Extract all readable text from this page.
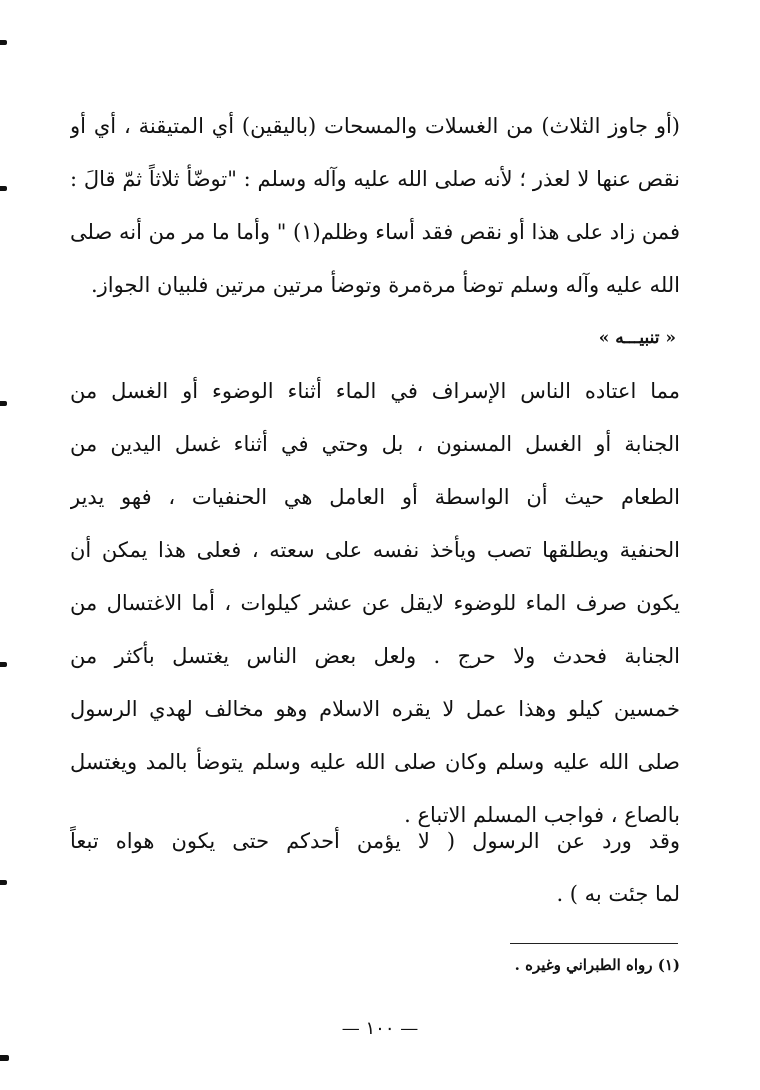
(أو جاوز الثلاث) من الغسلات والمسحات (باليقين) أي المتيقنة ، أي أو
نقص عنها لا لعذر ؛ لأنه صلى الله عليه وآله وسلم : "توضّأ ثلاثاً ثمّ قالَ :
فمن زاد على هذا أو نقص فقد أساء وظلم(١) " وأما ما مر من أنه صلى
الله عليه وآله وسلم توضأ مرةمرة وتوضأ مرتين مرتين فلبيان الجواز.
« تنبيـــه »
مما اعتاده الناس الإسراف في الماء أثناء الوضوء أو الغسل من
الجنابة أو الغسل المسنون ، بل وحتي في أثناء غسل اليدين من
الطعام حيث أن الواسطة أو العامل هي الحنفيات ، فهو يدير
الحنفية ويطلقها تصب ويأخذ نفسه على سعته ، فعلى هذا يمكن أن
يكون صرف الماء للوضوء لايقل عن عشر كيلوات ، أما الاغتسال من
الجنابة فحدث ولا حرج . ولعل بعض الناس يغتسل بأكثر من
خمسين كيلو وهذا عمل لا يقره الاسلام وهو مخالف لهدي الرسول
صلى الله عليه وسلم وكان صلى الله عليه وسلم يتوضأ بالمد ويغتسل
بالصاع ، فواجب المسلم الاتباع .
وقد ورد عن الرسول ( لا يؤمن أحدكم حتى يكون هواه تبعاً
لما جئت به ) .
(١) رواه الطبراني وغيره .
— ١٠٠ —
